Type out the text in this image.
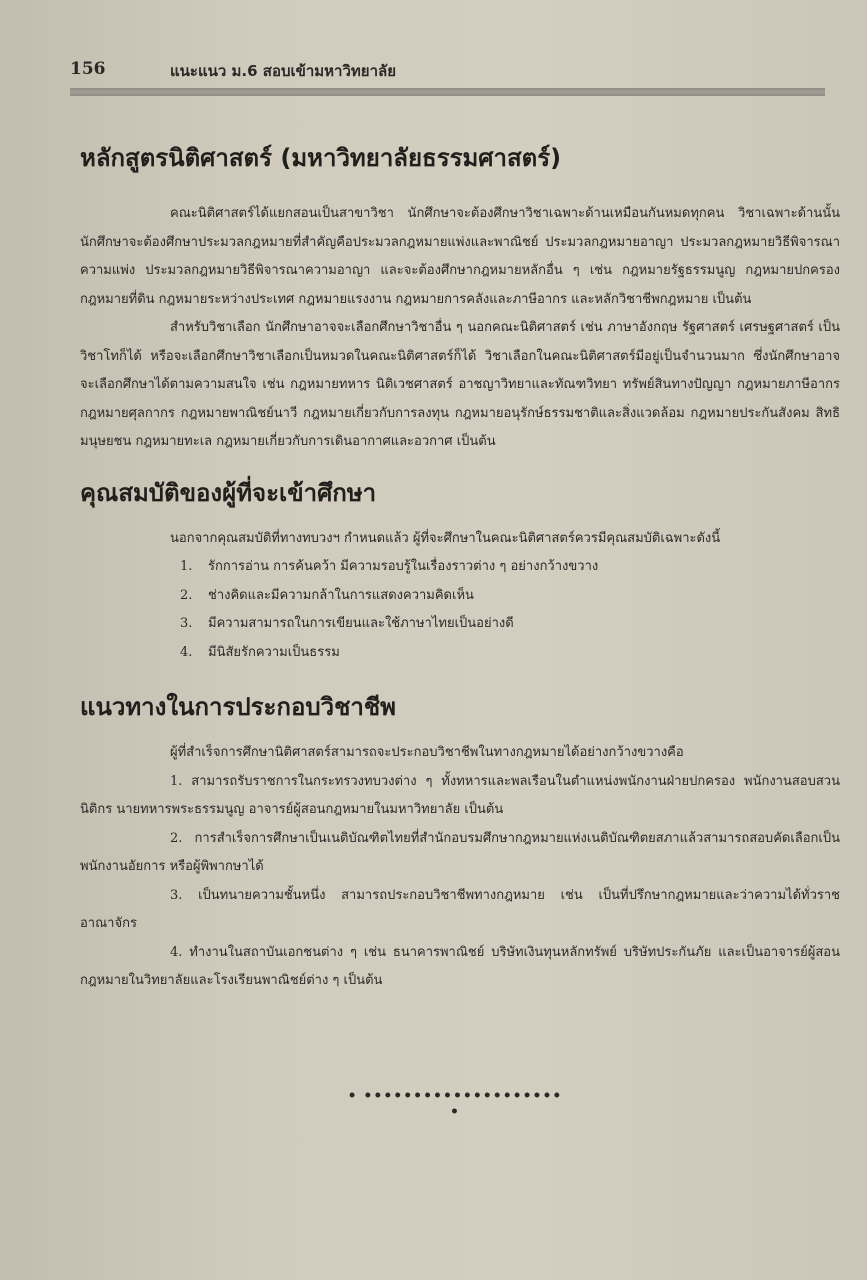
156	แนะแนว ม.6 สอบเข้ามหาวิทยาลัย
หลักสูตรนิติศาสตร์ (มหาวิทยาลัยธรรมศาสตร์)

คณะนิติศาสตร์ได้แยกสอนเป็นสาขาวิชา นักศึกษาจะต้องศึกษาวิชาเฉพาะด้านเหมือนกันหมดทุกคน วิชาเฉพาะด้านนั้นนักศึกษาจะต้องศึกษาประมวลกฎหมายที่สำคัญคือประมวลกฎหมายแพ่งและพาณิชย์ ประมวลกฎหมายอาญา ประมวลกฎหมายวิธีพิจารณาความแพ่ง ประมวลกฎหมายวิธีพิจารณาความอาญา และจะต้องศึกษากฎหมายหลักอื่น ๆ เช่น กฎหมายรัฐธรรมนูญ กฎหมายปกครอง กฎหมายที่ดิน กฎหมายระหว่างประเทศ กฎหมายแรงงาน กฎหมายการคลังและภาษีอากร และหลักวิชาชีพกฎหมาย เป็นต้น

สำหรับวิชาเลือก นักศึกษาอาจจะเลือกศึกษาวิชาอื่น ๆ นอกคณะนิติศาสตร์ เช่น ภาษาอังกฤษ รัฐศาสตร์ เศรษฐศาสตร์ เป็นวิชาโทก็ได้ หรือจะเลือกศึกษาวิชาเลือกเป็นหมวดในคณะนิติศาสตร์ก็ได้ วิชาเลือกในคณะนิติศาสตร์มีอยู่เป็นจำนวนมาก ซึ่งนักศึกษาอาจจะเลือกศึกษาได้ตามความสนใจ เช่น กฎหมายทหาร นิติเวชศาสตร์ อาชญาวิทยาและทัณฑวิทยา ทรัพย์สินทางปัญญา กฎหมายภาษีอากร กฎหมายศุลกากร กฎหมายพาณิชย์นาวี กฎหมายเกี่ยวกับการลงทุน กฎหมายอนุรักษ์ธรรมชาติและสิ่งแวดล้อม กฎหมายประกันสังคม สิทธิมนุษยชน กฎหมายทะเล กฎหมายเกี่ยวกับการเดินอากาศและอวกาศ เป็นต้น

คุณสมบัติของผู้ที่จะเข้าศึกษา

นอกจากคุณสมบัติที่ทางทบวงฯ กำหนดแล้ว ผู้ที่จะศึกษาในคณะนิติศาสตร์ควรมีคุณสมบัติเฉพาะดังนี้

1. รักการอ่าน การค้นคว้า มีความรอบรู้ในเรื่องราวต่าง ๆ อย่างกว้างขวาง
2. ช่างคิดและมีความกล้าในการแสดงความคิดเห็น
3. มีความสามารถในการเขียนและใช้ภาษาไทยเป็นอย่างดี
4. มีนิสัยรักความเป็นธรรม
แนวทางในการประกอบวิชาชีพ

ผู้ที่สำเร็จการศึกษานิติศาสตร์สามารถจะประกอบวิชาชีพในทางกฎหมายได้อย่างกว้างขวางคือ

1. สามารถรับราชการในกระทรวงทบวงต่าง ๆ ทั้งทหารและพลเรือนในตำแหน่งพนักงานฝ่ายปกครอง พนักงานสอบสวน นิติกร นายทหารพระธรรมนูญ อาจารย์ผู้สอนกฎหมายในมหาวิทยาลัย เป็นต้น

2. การสำเร็จการศึกษาเป็นเนติบัณฑิตไทยที่สำนักอบรมศึกษากฎหมายแห่งเนติบัณฑิตยสภาแล้วสามารถสอบคัดเลือกเป็นพนักงานอัยการ หรือผู้พิพากษาได้

3. เป็นทนายความชั้นหนึ่ง สามารถประกอบวิชาชีพทางกฎหมาย เช่น เป็นที่ปรึกษากฎหมายและว่าความได้ทั่วราชอาณาจักร

4. ทำงานในสถาบันเอกชนต่าง ๆ เช่น ธนาคารพาณิชย์ บริษัทเงินทุนหลักทรัพย์ บริษัทประกันภัย และเป็นอาจารย์ผู้สอนกฎหมายในวิทยาลัยและโรงเรียนพาณิชย์ต่าง ๆ เป็นต้น

• •••••••••••••••••••• •
